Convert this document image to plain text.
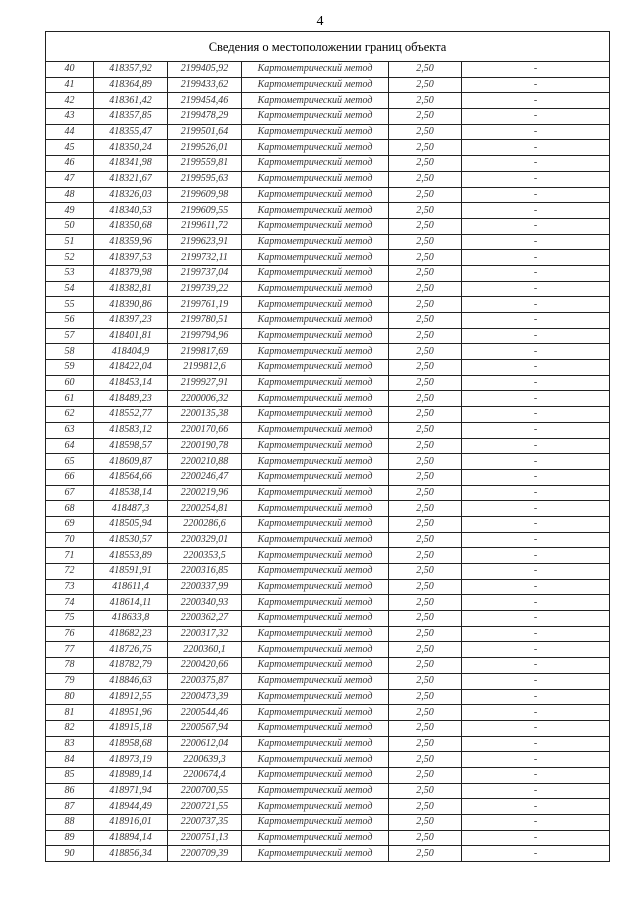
4
Сведения о местоположении границ объекта					
40	418357,92	2199405,92	Картометрический метод	2,50	-
41	418364,89	2199433,62	Картометрический метод	2,50	-
42	418361,42	2199454,46	Картометрический метод	2,50	-
43	418357,85	2199478,29	Картометрический метод	2,50	-
44	418355,47	2199501,64	Картометрический метод	2,50	-
45	418350,24	2199526,01	Картометрический метод	2,50	-
46	418341,98	2199559,81	Картометрический метод	2,50	-
47	418321,67	2199595,63	Картометрический метод	2,50	-
48	418326,03	2199609,98	Картометрический метод	2,50	-
49	418340,53	2199609,55	Картометрический метод	2,50	-
50	418350,68	2199611,72	Картометрический метод	2,50	-
51	418359,96	2199623,91	Картометрический метод	2,50	-
52	418397,53	2199732,11	Картометрический метод	2,50	-
53	418379,98	2199737,04	Картометрический метод	2,50	-
54	418382,81	2199739,22	Картометрический метод	2,50	-
55	418390,86	2199761,19	Картометрический метод	2,50	-
56	418397,23	2199780,51	Картометрический метод	2,50	-
57	418401,81	2199794,96	Картометрический метод	2,50	-
58	418404,9	2199817,69	Картометрический метод	2,50	-
59	418422,04	2199812,6	Картометрический метод	2,50	-
60	418453,14	2199927,91	Картометрический метод	2,50	-
61	418489,23	2200006,32	Картометрический метод	2,50	-
62	418552,77	2200135,38	Картометрический метод	2,50	-
63	418583,12	2200170,66	Картометрический метод	2,50	-
64	418598,57	2200190,78	Картометрический метод	2,50	-
65	418609,87	2200210,88	Картометрический метод	2,50	-
66	418564,66	2200246,47	Картометрический метод	2,50	-
67	418538,14	2200219,96	Картометрический метод	2,50	-
68	418487,3	2200254,81	Картометрический метод	2,50	-
69	418505,94	2200286,6	Картометрический метод	2,50	-
70	418530,57	2200329,01	Картометрический метод	2,50	-
71	418553,89	2200353,5	Картометрический метод	2,50	-
72	418591,91	2200316,85	Картометрический метод	2,50	-
73	418611,4	2200337,99	Картометрический метод	2,50	-
74	418614,11	2200340,93	Картометрический метод	2,50	-
75	418633,8	2200362,27	Картометрический метод	2,50	-
76	418682,23	2200317,32	Картометрический метод	2,50	-
77	418726,75	2200360,1	Картометрический метод	2,50	-
78	418782,79	2200420,66	Картометрический метод	2,50	-
79	418846,63	2200375,87	Картометрический метод	2,50	-
80	418912,55	2200473,39	Картометрический метод	2,50	-
81	418951,96	2200544,46	Картометрический метод	2,50	-
82	418915,18	2200567,94	Картометрический метод	2,50	-
83	418958,68	2200612,04	Картометрический метод	2,50	-
84	418973,19	2200639,3	Картометрический метод	2,50	-
85	418989,14	2200674,4	Картометрический метод	2,50	-
86	418971,94	2200700,55	Картометрический метод	2,50	-
87	418944,49	2200721,55	Картометрический метод	2,50	-
88	418916,01	2200737,35	Картометрический метод	2,50	-
89	418894,14	2200751,13	Картометрический метод	2,50	-
90	418856,34	2200709,39	Картометрический метод	2,50	-
